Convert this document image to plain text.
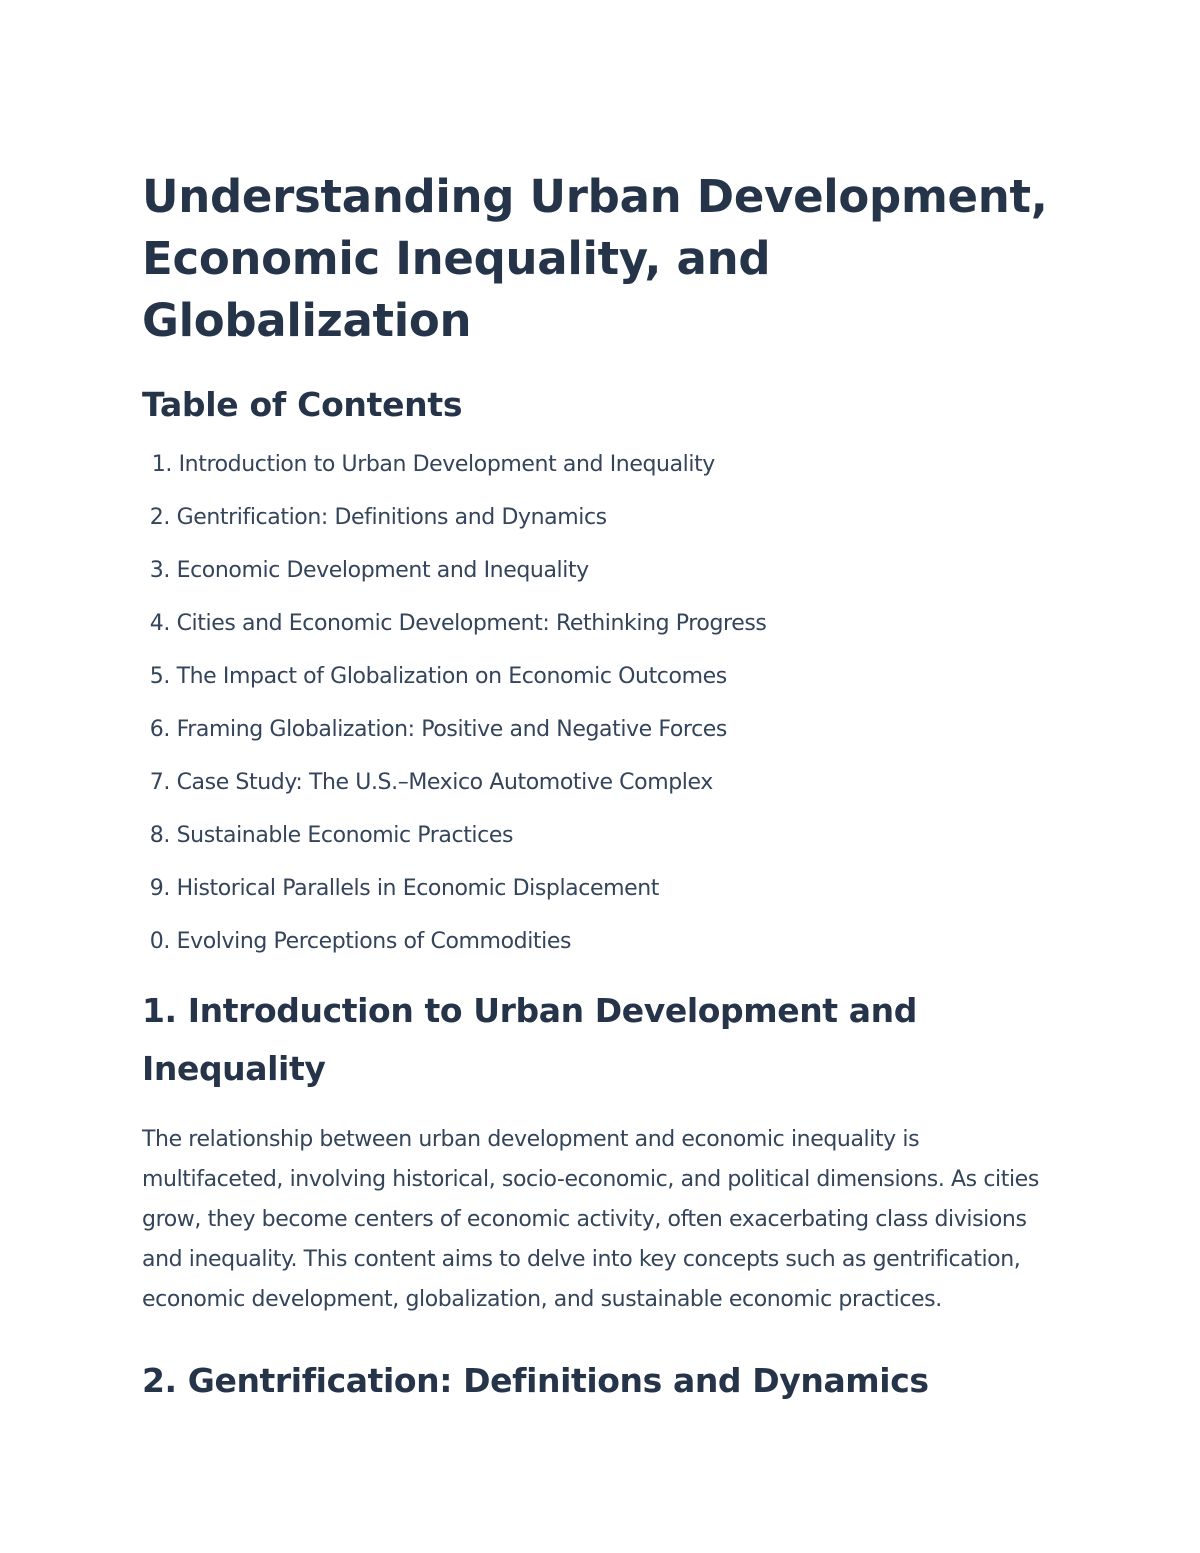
Understanding Urban Development, Economic Inequality, and Globalization
Table of Contents
1. Introduction to Urban Development and Inequality
2. Gentrification: Definitions and Dynamics
3. Economic Development and Inequality
4. Cities and Economic Development: Rethinking Progress
5. The Impact of Globalization on Economic Outcomes
6. Framing Globalization: Positive and Negative Forces
7. Case Study: The U.S.–Mexico Automotive Complex
8. Sustainable Economic Practices
9. Historical Parallels in Economic Displacement
0. Evolving Perceptions of Commodities
1. Introduction to Urban Development and Inequality

The relationship between urban development and economic inequality is multifaceted, involving historical, socio-economic, and political dimensions. As cities grow, they become centers of economic activity, often exacerbating class divisions and inequality. This content aims to delve into key concepts such as gentrification, economic development, globalization, and sustainable economic practices.

2. Gentrification: Definitions and Dynamics
